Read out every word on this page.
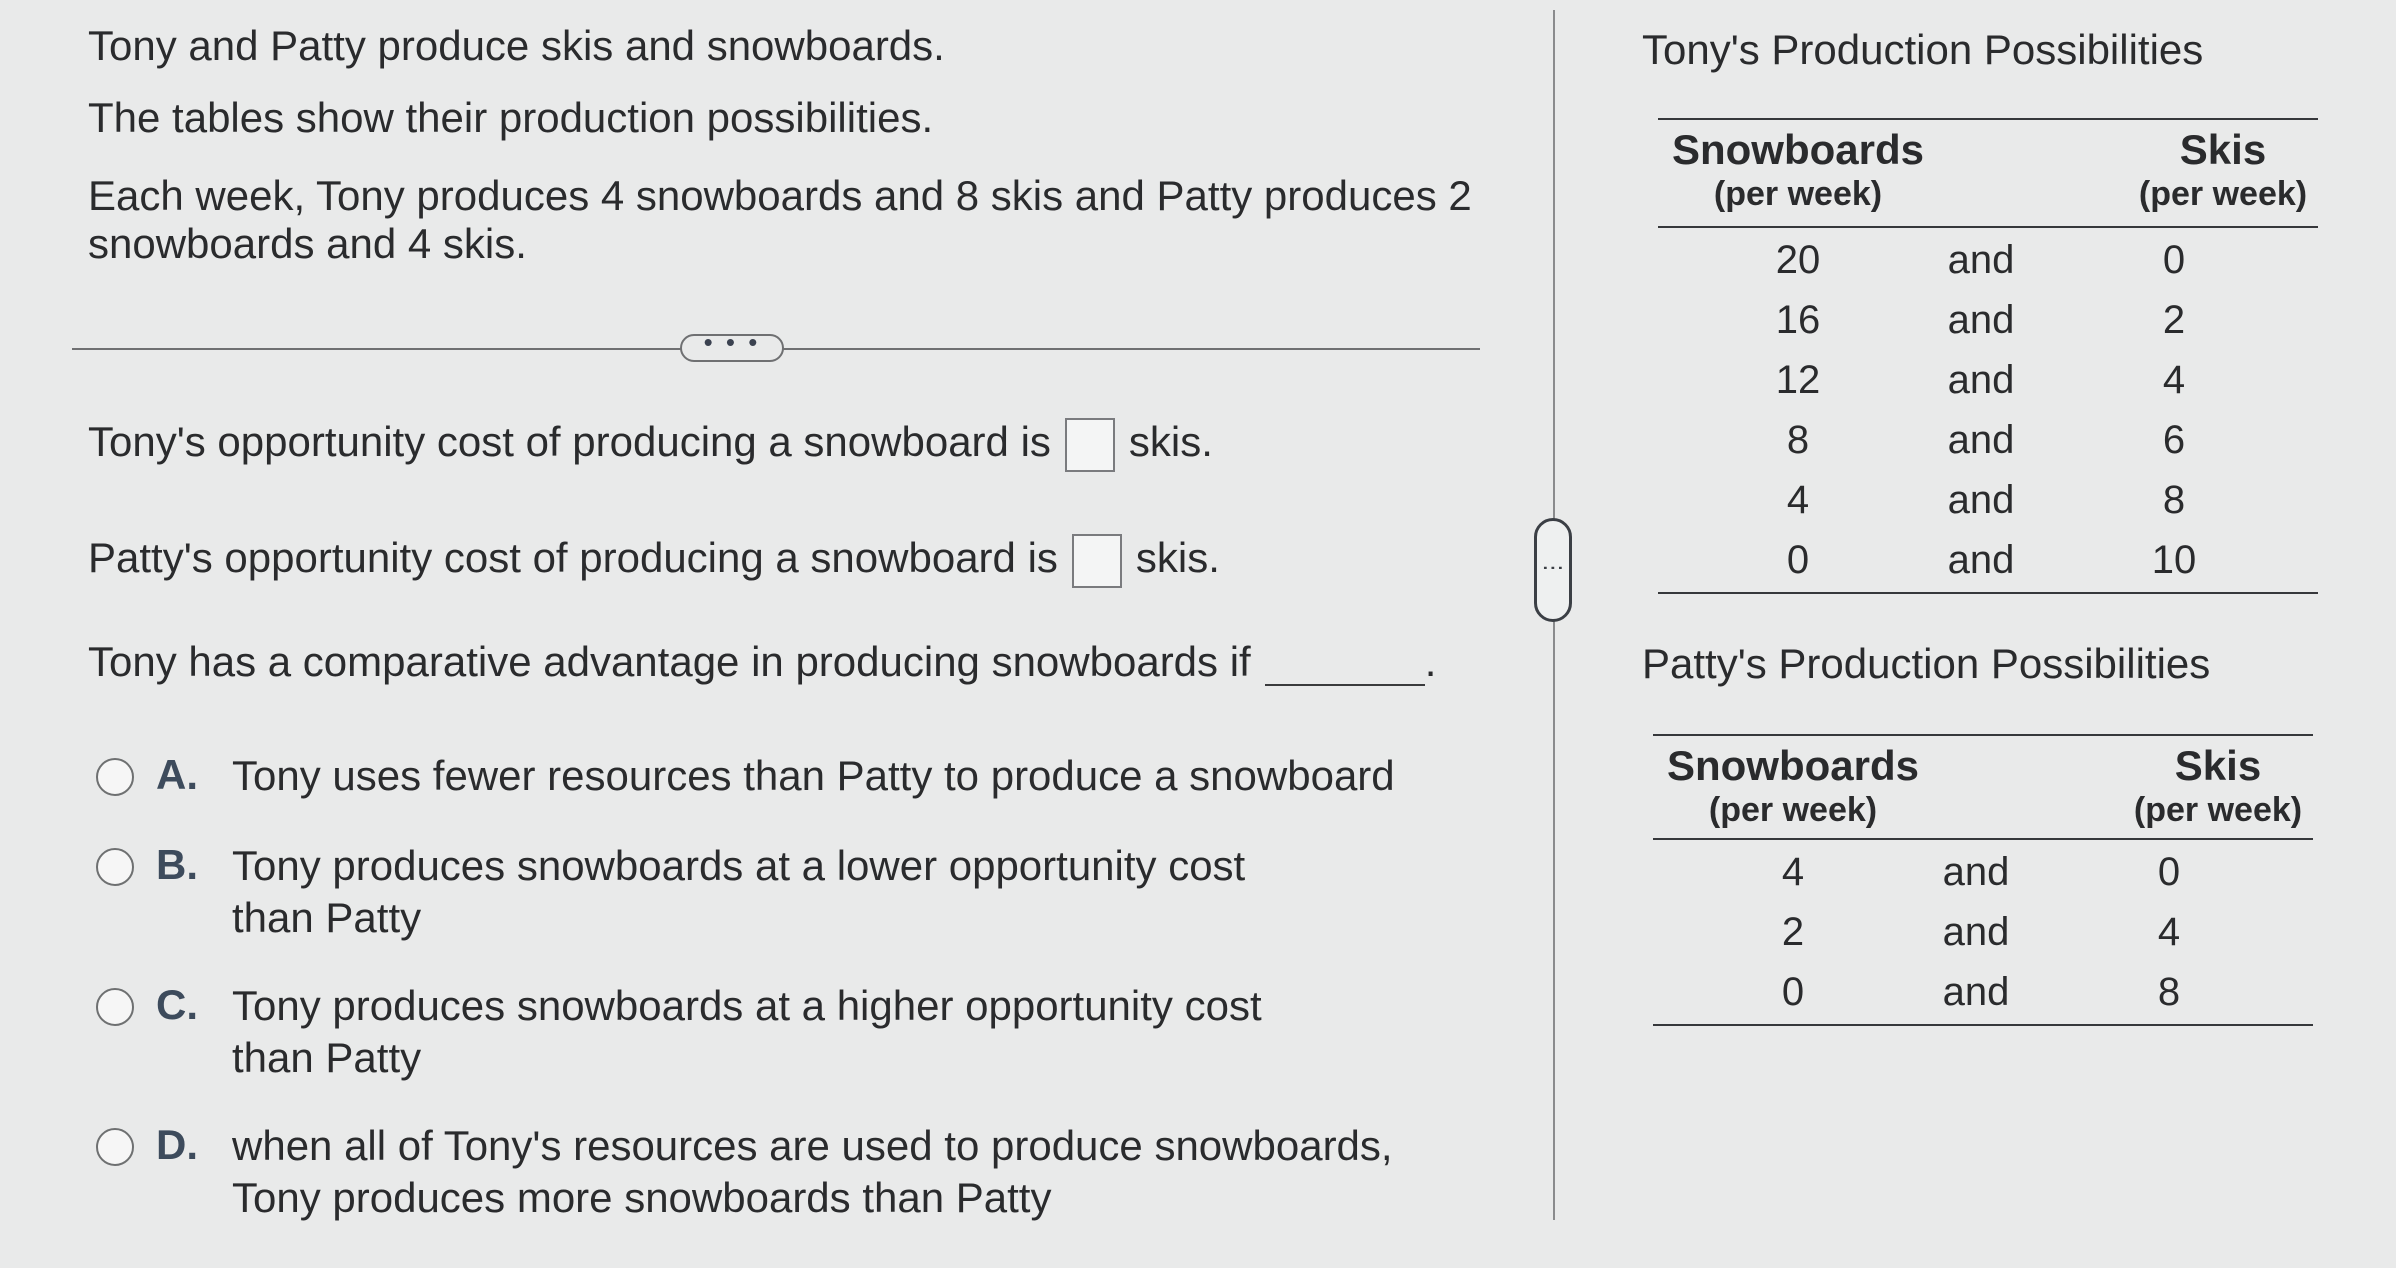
Tony and Patty produce skis and snowboards.

The tables show their production possibilities.

Each week, Tony produces 4 snowboards and 8 skis and Patty produces 2 snowboards and 4 skis.

• • •
Tony's opportunity cost of producing a snowboard is skis.
Patty's opportunity cost of producing a snowboard is skis.
Tony has a comparative advantage in producing snowboards if	.
A. Tony uses fewer resources than Patty to produce a snowboard
B. Tony produces snowboards at a lower opportunity cost than Patty
C. Tony produces snowboards at a higher opportunity cost than Patty
D. when all of Tony's resources are used to produce snowboards, Tony produces more snowboards than Patty
⋮
Tony's Production Possibilities
Snowboards
(per week)
Skis
(per week)
20	and	0
16	and	2
12	and	4
8	and	6
4	and	8
0	and	10
Patty's Production Possibilities
Snowboards
(per week)
Skis
(per week)
4	and	0
2	and	4
0	and	8
